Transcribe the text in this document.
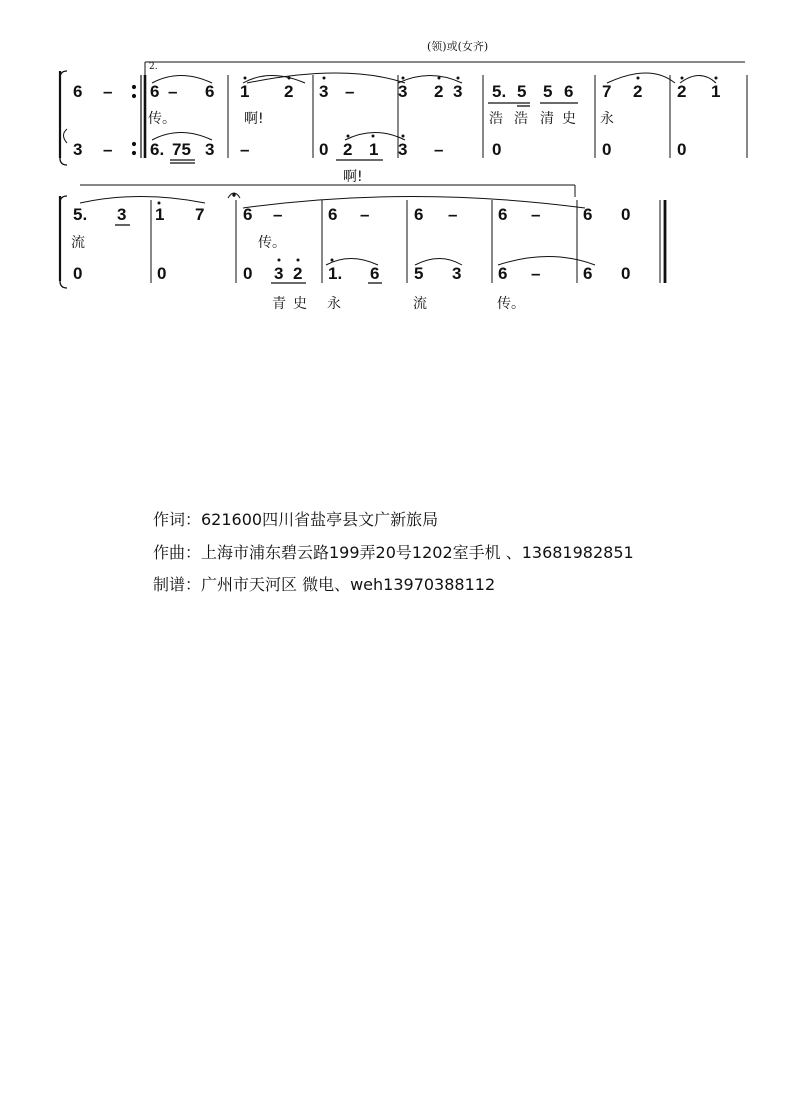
(领)或(女齐)
2.
6 – 6 – 6 1 2 3 –	3 2 3 5. 5 5 6 7 2 2 1
传。	啊!	浩 浩 清 史 永
3 – 6. 75 3 –	0 2 1 3 –	0	0	0
啊!
5. 3 1 7 6 –	6 –	6 – 6 –	6 0
流	传。
0	0	0 3 2 1. 6 5 3 6 –	6 0
青 史 永	流	传。
作词：621600四川省盐亭县文广新旅局
作曲：上海市浦东碧云路199弄20号1202室手机 、13681982851
制谱：广州市天河区 微电、weh13970388112
